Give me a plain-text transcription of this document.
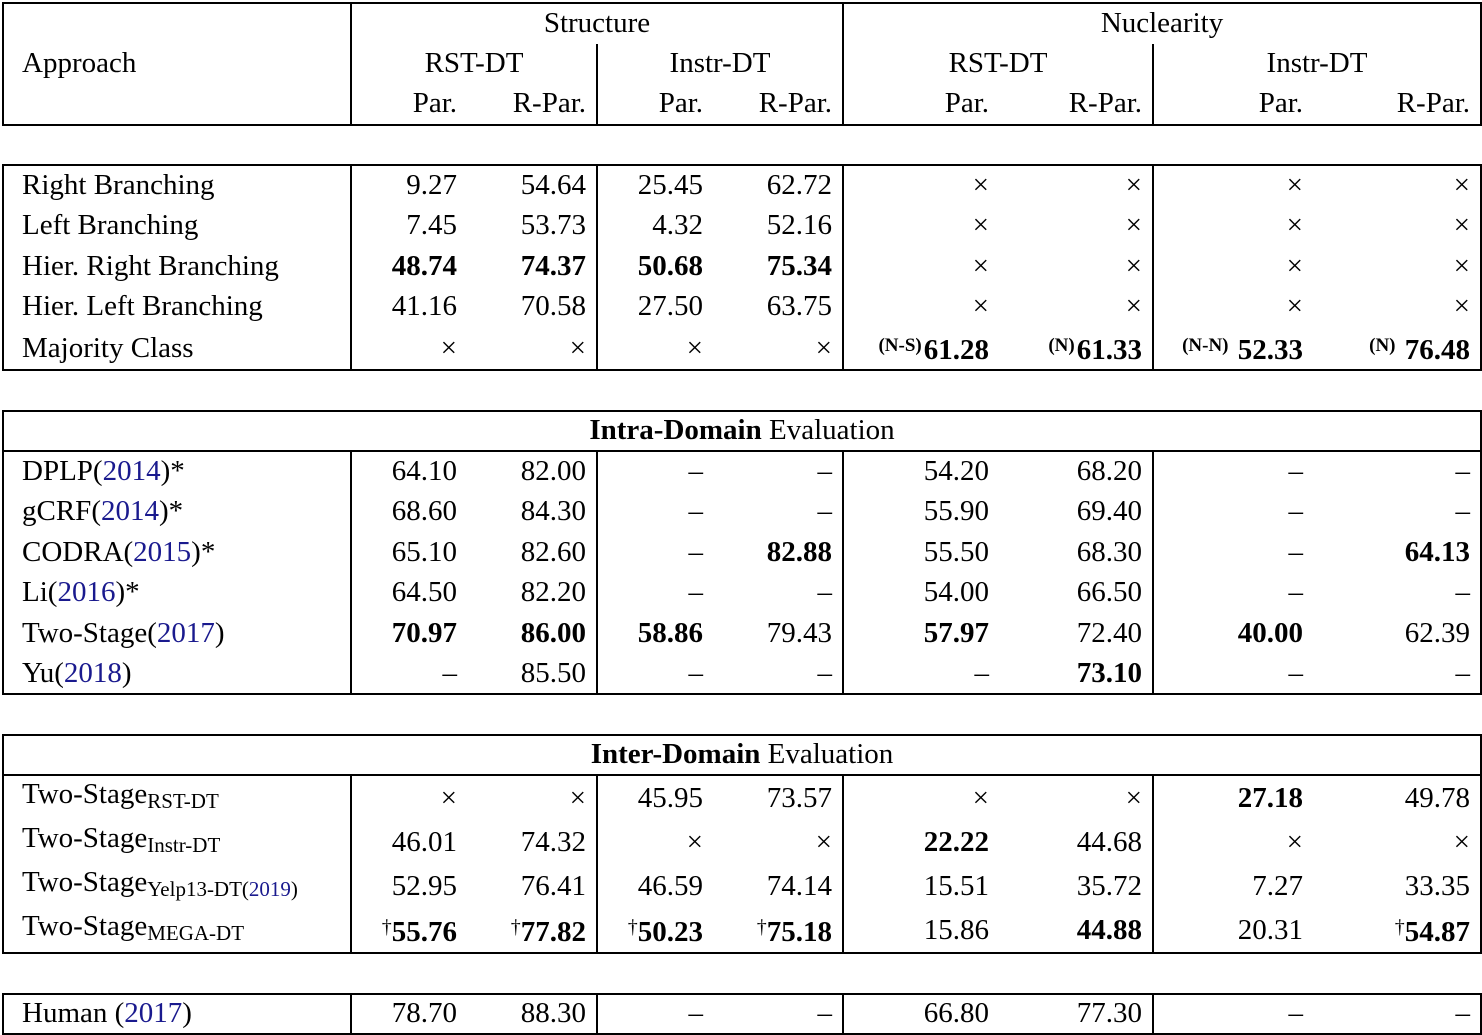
	Structure				Nuclearity			
Approach	RST-DT		Instr-DT		RST-DT		Instr-DT	
	Par.	R-Par.	Par.	R-Par.	Par.	R-Par.	Par.	R-Par.

Right Branching	9.27	54.64	25.45	62.72	×	×	×	×
Left Branching	7.45	53.73	4.32	52.16	×	×	×	×
Hier. Right Branching	48.74	74.37	50.68	75.34	×	×	×	×
Hier. Left Branching	41.16	70.58	27.50	63.75	×	×	×	×
Majority Class	×	×	×	×	$^{(N-S)}$61.28	$^{(N)}$61.33	$^{(N-N)}$ 52.33	$^{(N)}$ 76.48

Intra-Domain Evaluation								
DPLP(2014)*	64.10	82.00	–	–	54.20	68.20	–	–
gCRF(2014)*	68.60	84.30	–	–	55.90	69.40	–	–
CODRA(2015)*	65.10	82.60	–	82.88	55.50	68.30	–	64.13
Li(2016)*	64.50	82.20	–	–	54.00	66.50	–	–
Two-Stage(2017)	70.97	86.00	58.86	79.43	57.97	72.40	40.00	62.39
Yu(2018)	–	85.50	–	–	–	73.10	–	–

Inter-Domain Evaluation								
Two-Stage$_{RST-DT}$	×	×	45.95	73.57	×	×	27.18	49.78
Two-Stage$_{Instr-DT}$	46.01	74.32	×	×	22.22	44.68	×	×
Two-Stage$_{Yelp13-DT(2019)}$	52.95	76.41	46.59	74.14	15.51	35.72	7.27	33.35
Two-Stage$_{MEGA-DT}$	†55.76	†77.82	†50.23	†75.18	15.86	44.88	20.31	†54.87

Human (2017)	78.70	88.30	–	–	66.80	77.30	–	–
